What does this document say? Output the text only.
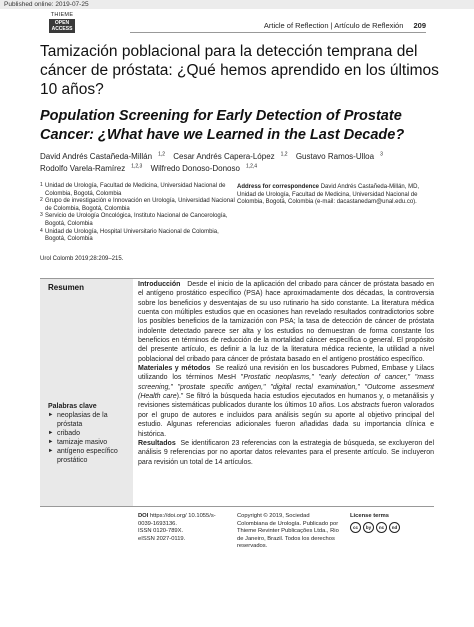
Published online: 2019-07-25
THIEME
OPEN ACCESS	Article of Reflection | Artículo de Reflexión 209
Tamización poblacional para la detección temprana del cáncer de próstata: ¿Qué hemos aprendido en los últimos 10 años?
Population Screening for Early Detection of Prostate Cancer: ¿What have we Learned in the Last Decade?
David Andrés Castañeda-Millán $^{1,2}$ Cesar Andrés Capera-López $^{1,2}$ Gustavo Ramos-Ulloa $^3$
Rodolfo Varela-Ramírez $^{1,2,3}$ Wilfredo Donoso-Donoso $^{1,2,4}$
1 Unidad de Urología, Facultad de Medicina, Universidad Nacional de Colombia, Bogotá, Colombia
2 Grupo de investigación e Innovación en Urología, Universidad Nacional de Colombia, Bogotá, Colombia
3 Servicio de Urología Oncológica, Instituto Nacional de Cancerología, Bogotá, Colombia
4 Unidad de Urología, Hospital Universitario Nacional de Colombia, Bogotá, Colombia
Address for correspondence David Andrés Castañeda-Millán, MD, Unidad de Urología, Facultad de Medicina, Universidad Nacional de Colombia, Bogotá, Colombia (e-mail: dacastanedam@unal.edu.co).
Urol Colomb 2019;28:209–215.
Resumen
Palabras clave
► neoplasias de la próstata
► cribado
► tamizaje masivo
► antígeno específico prostático

Introducción Desde el inicio de la aplicación del cribado para cáncer de próstata basado en el antígeno prostático específico (PSA) hace aproximadamente dos décadas, la controversia sobre los beneficios y desventajas de su uso rutinario ha sido constante. La literatura médica cuenta con múltiples estudios que en ocasiones han revelado resultados contradictorios sobre los posibles beneficios de la tamización con PSA; la tasa de detección de cáncer de próstata indolente detectado parece ser alta y los estudios no demuestran de forma constante los beneficios en términos de reducción de la mortalidad cáncer específica o general. El propósito del presente artículo, es definir a la luz de la literatura médica reciente, la utilidad a nivel poblacional del cribado para cáncer de próstata basado en el antígeno prostático específico.

Materiales y métodos Se realizó una revisión en los buscadores Pubmed, Embase y Lilacs utilizando los términos MesH "Prostatic neoplasms," "early detection of cancer," "mass screening," "prostate specific antigen," "digital rectal examination," "Outcome assesment (Health care)." Se filtró la búsqueda hacia estudios ejecutados en humanos y, o metanálisis y revisiones sistemáticas publicados durante los últimos 10 años. Los abstracts fueron valorados por el grupo de autores e incluidos para análisis según su aporte al objetivo principal del estudio. Algunas referencias adicionales fueron añadidas dada su importancia clínica e histórica.

Resultados Se identificaron 23 referencias con la estrategia de búsqueda, se excluyeron del análisis 9 referencias por no aportar datos relevantes para el presente artículo. Se incluyeron para revisión un total de 14 artículos.

DOI https://doi.org/ 10.1055/s-0039-1693136.
ISSN 0120-789X.
eISSN 2027-0119.
Copyright © 2019, Sociedad Colombiana de Urología. Publicado por Thieme Revinter Publicações Ltda., Rio de Janeiro, Brazil. Todos los derechos reservados.
License terms
cc	by	nc	nd
